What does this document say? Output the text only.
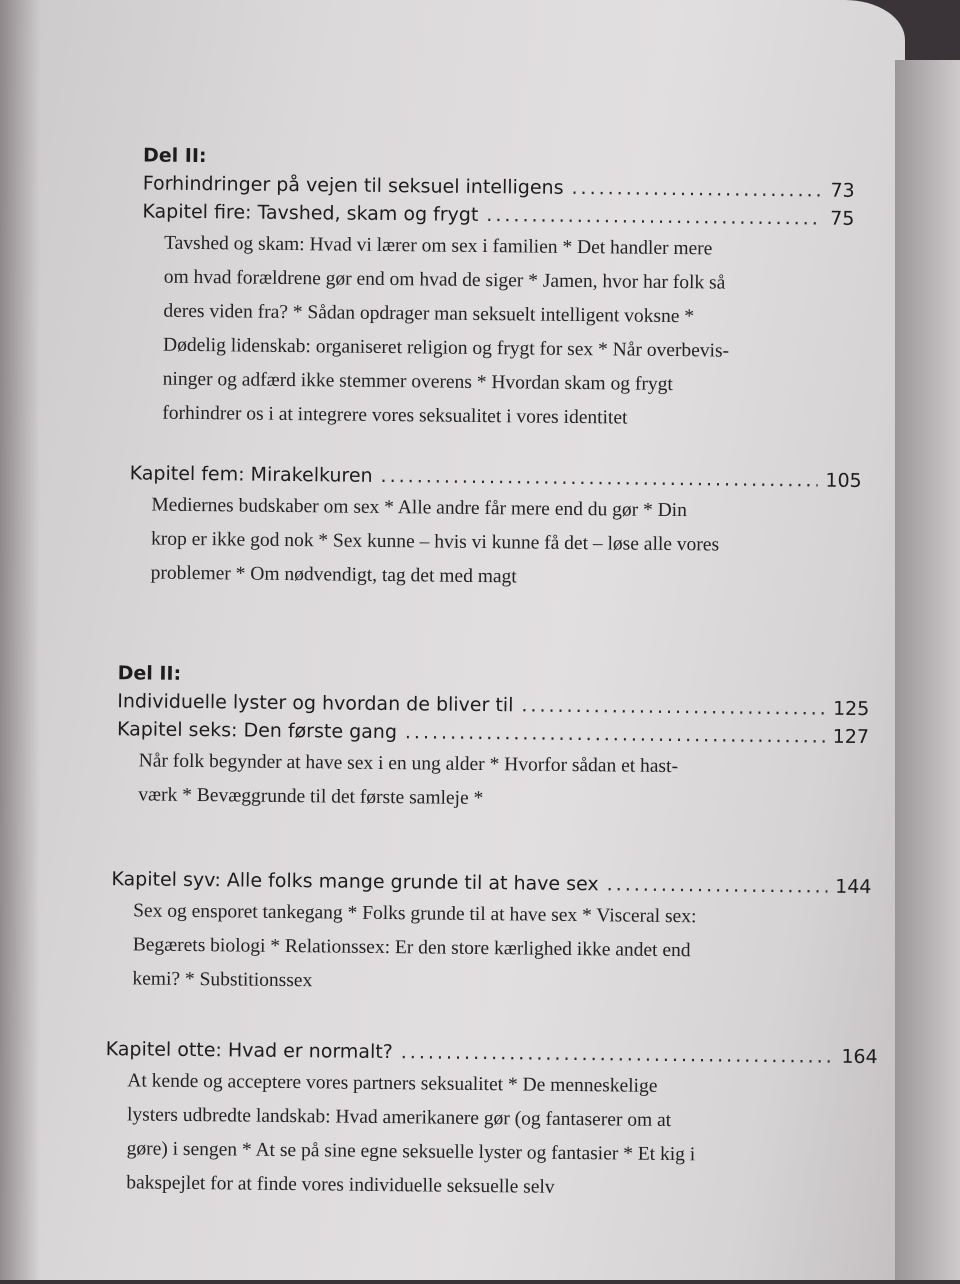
Del II:
Forhindringer på vejen til seksuel intelligens .....	73
Kapitel fire: Tavshed, skam og frygt .....	75
Tavshed og skam: Hvad vi lærer om sex i familien * Det handler mere
om hvad forældrene gør end om hvad de siger * Jamen, hvor har folk så
deres viden fra? * Sådan opdrager man seksuelt intelligent voksne *
Dødelig lidenskab: organiseret religion og frygt for sex * Når overbevis-
ninger og adfærd ikke stemmer overens * Hvordan skam og frygt
forhindrer os i at integrere vores seksualitet i vores identitet
Kapitel fem: Mirakelkuren .....	105
Mediernes budskaber om sex * Alle andre får mere end du gør * Din
krop er ikke god nok * Sex kunne – hvis vi kunne få det – løse alle vores
problemer * Om nødvendigt, tag det med magt
Del II:
Individuelle lyster og hvordan de bliver til .....	125
Kapitel seks: Den første gang .....	127
Når folk begynder at have sex i en ung alder * Hvorfor sådan et hast-
værk * Bevæggrunde til det første samleje *
Kapitel syv: Alle folks mange grunde til at have sex .....	144
Sex og ensporet tankegang * Folks grunde til at have sex * Visceral sex:
Begærets biologi * Relationssex: Er den store kærlighed ikke andet end
kemi? * Substitionssex
Kapitel otte: Hvad er normalt? .....	164
At kende og acceptere vores partners seksualitet * De menneskelige
lysters udbredte landskab: Hvad amerikanere gør (og fantaserer om at
gøre) i sengen * At se på sine egne seksuelle lyster og fantasier * Et kig i
bakspejlet for at finde vores individuelle seksuelle selv
